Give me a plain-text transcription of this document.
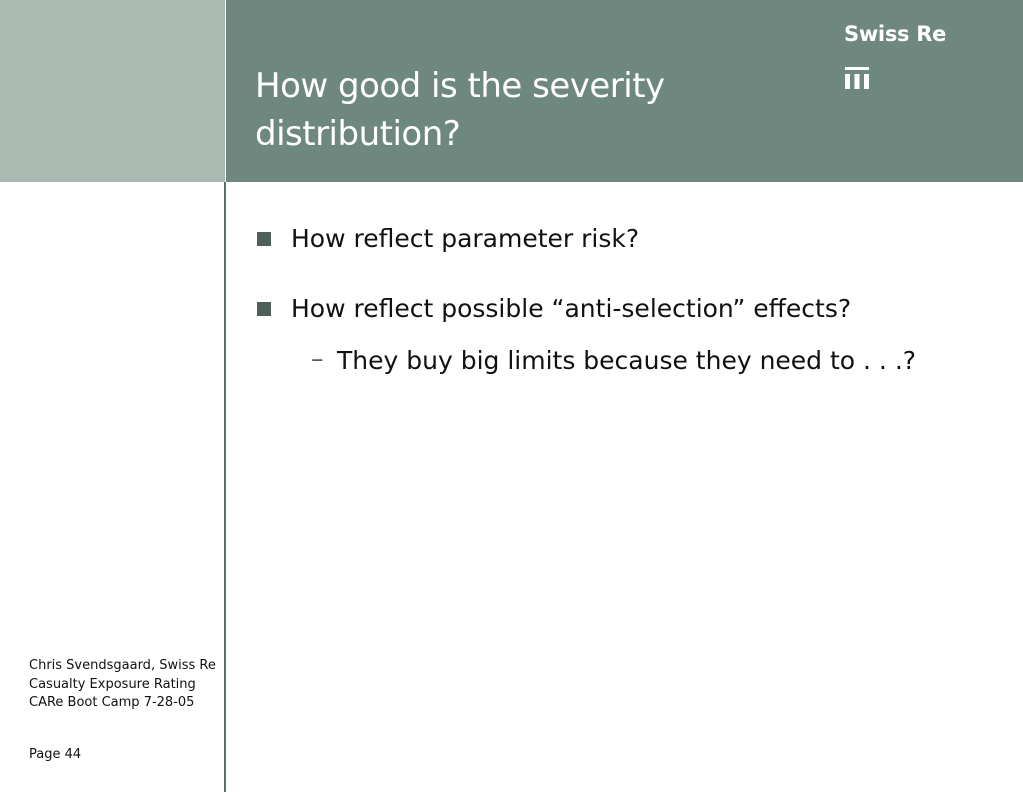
How good is the severity
distribution?
Swiss Re
How reflect parameter risk?
How reflect possible “anti-selection” effects?
– They buy big limits because they need to . . .?
Chris Svendsgaard, Swiss Re
Casualty Exposure Rating
CARe Boot Camp 7-28-05
Page 44
